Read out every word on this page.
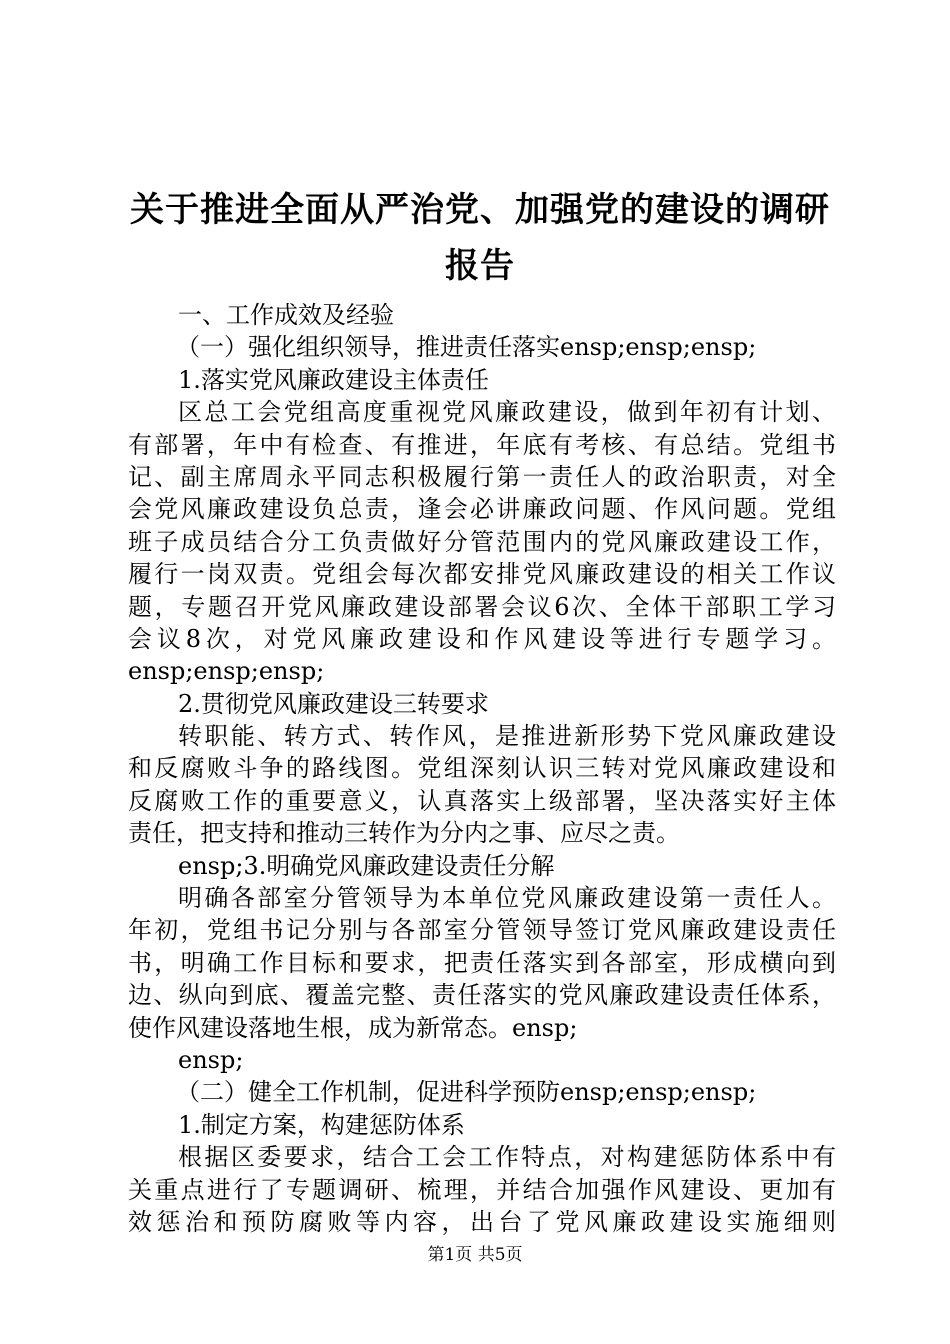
关于推进全面从严治党、加强党的建设的调研
报告
一、工作成效及经验
（一）强化组织领导，推进责任落实ensp;ensp;ensp;
1.落实党风廉政建设主体责任
区总工会党组高度重视党风廉政建设，做到年初有计划、
有部署，年中有检查、有推进，年底有考核、有总结。党组书
记、副主席周永平同志积极履行第一责任人的政治职责，对全
会党风廉政建设负总责，逢会必讲廉政问题、作风问题。党组
班子成员结合分工负责做好分管范围内的党风廉政建设工作，
履行一岗双责。党组会每次都安排党风廉政建设的相关工作议
题，专题召开党风廉政建设部署会议6次、全体干部职工学习
会议8次，对党风廉政建设和作风建设等进行专题学习。
ensp;ensp;ensp;
2.贯彻党风廉政建设三转要求
转职能、转方式、转作风，是推进新形势下党风廉政建设
和反腐败斗争的路线图。党组深刻认识三转对党风廉政建设和
反腐败工作的重要意义，认真落实上级部署，坚决落实好主体
责任，把支持和推动三转作为分内之事、应尽之责。
ensp;3.明确党风廉政建设责任分解
明确各部室分管领导为本单位党风廉政建设第一责任人。
年初，党组书记分别与各部室分管领导签订党风廉政建设责任
书，明确工作目标和要求，把责任落实到各部室，形成横向到
边、纵向到底、覆盖完整、责任落实的党风廉政建设责任体系，
使作风建设落地生根，成为新常态。ensp;
ensp;
（二）健全工作机制，促进科学预防ensp;ensp;ensp;
1.制定方案，构建惩防体系
根据区委要求，结合工会工作特点，对构建惩防体系中有
关重点进行了专题调研、梳理，并结合加强作风建设、更加有
效惩治和预防腐败等内容，出台了党风廉政建设实施细则
第1页 共5页
